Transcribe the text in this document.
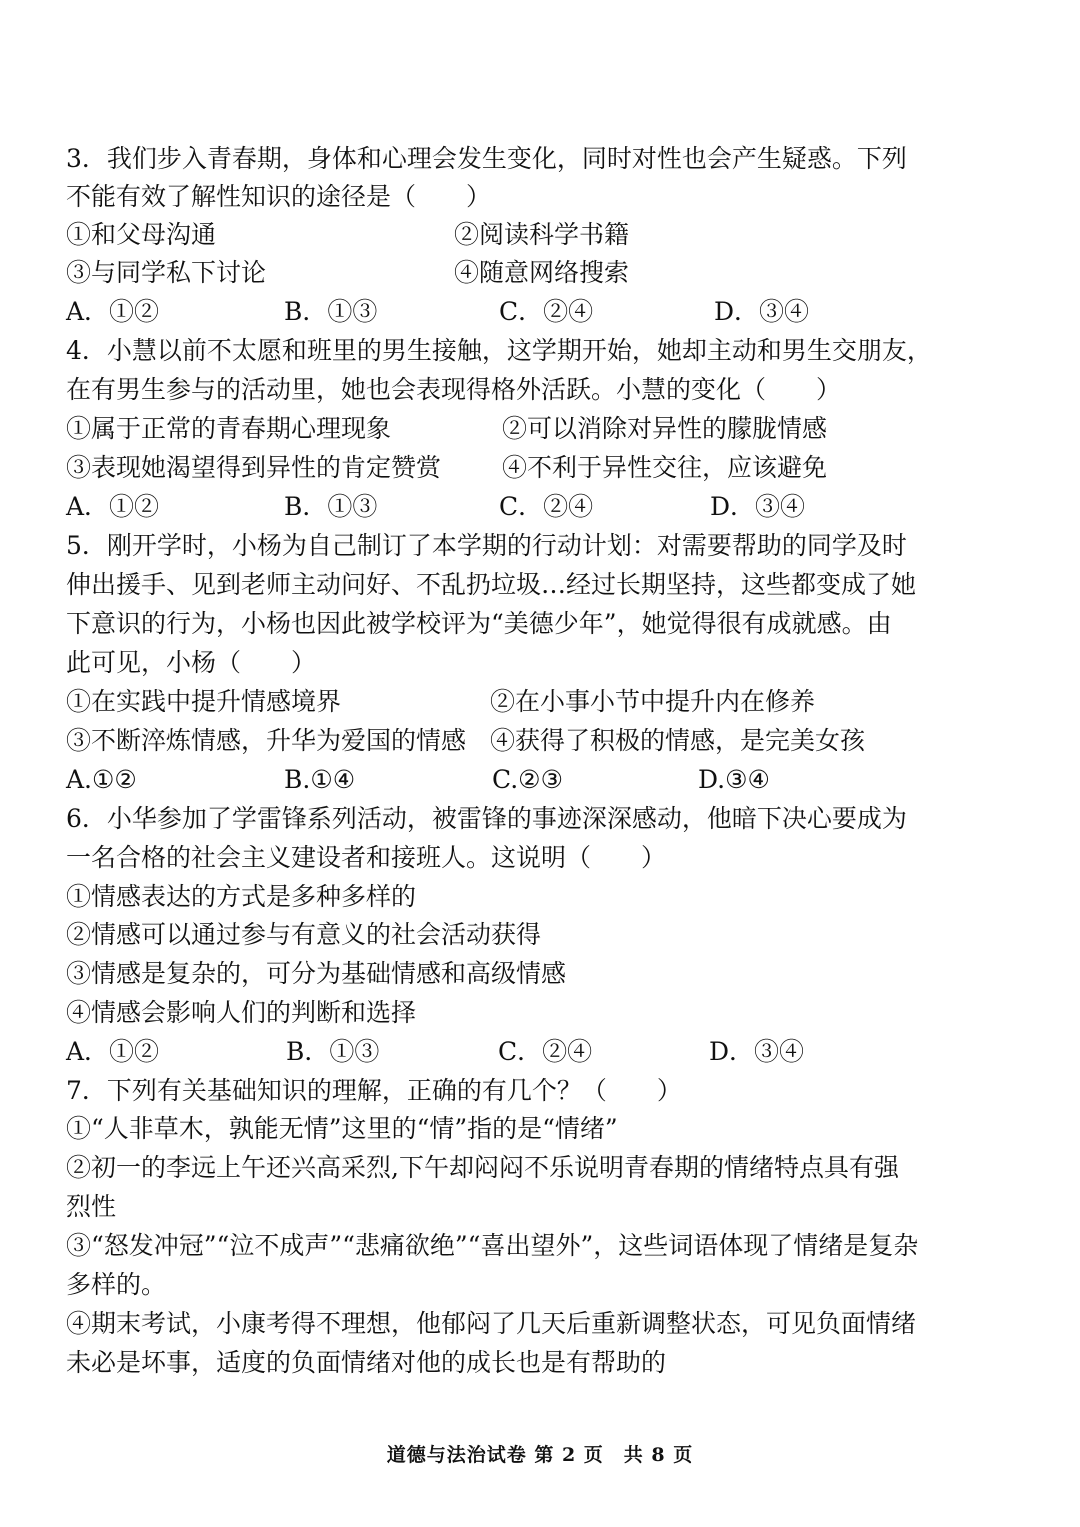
3．我们步入青春期，身体和心理会发生变化，同时对性也会产生疑惑。下列
不能有效了解性知识的途径是（　　）
①和父母沟通	②阅读科学书籍
③与同学私下讨论	④随意网络搜索
A．①②	B．①③	C．②④	D．③④
4．小慧以前不太愿和班里的男生接触，这学期开始，她却主动和男生交朋友，
在有男生参与的活动里，她也会表现得格外活跃。小慧的变化（　　）
①属于正常的青春期心理现象	②可以消除对异性的朦胧情感
③表现她渴望得到异性的肯定赞赏 ④不利于异性交往，应该避免
A．①②	B．①③	C．②④	D．③④
5．刚开学时，小杨为自己制订了本学期的行动计划：对需要帮助的同学及时
伸出援手、见到老师主动问好、不乱扔垃圾…经过长期坚持，这些都变成了她
下意识的行为，小杨也因此被学校评为“美德少年”，她觉得很有成就感。由
此可见，小杨（　　）
①在实践中提升情感境界	②在小事小节中提升内在修养
③不断淬炼情感，升华为爱国的情感 ④获得了积极的情感，是完美女孩
A.①②	B.①④	C.②③	D.③④
6．小华参加了学雷锋系列活动，被雷锋的事迹深深感动，他暗下决心要成为
一名合格的社会主义建设者和接班人。这说明（　　）
①情感表达的方式是多种多样的
②情感可以通过参与有意义的社会活动获得
③情感是复杂的，可分为基础情感和高级情感
④情感会影响人们的判断和选择
A．①②	B．①③	C．②④	D．③④
7．下列有关基础知识的理解，正确的有几个？（　　）
①“人非草木，孰能无情”这里的“情”指的是“情绪”
②初一的李远上午还兴高采烈,下午却闷闷不乐说明青春期的情绪特点具有强
烈性
③“怒发冲冠”“泣不成声”“悲痛欲绝”“喜出望外”，这些词语体现了情绪是复杂
多样的。
④期末考试，小康考得不理想，他郁闷了几天后重新调整状态，可见负面情绪
未必是坏事，适度的负面情绪对他的成长也是有帮助的
道德与法治试卷 第 2 页　共 8 页
